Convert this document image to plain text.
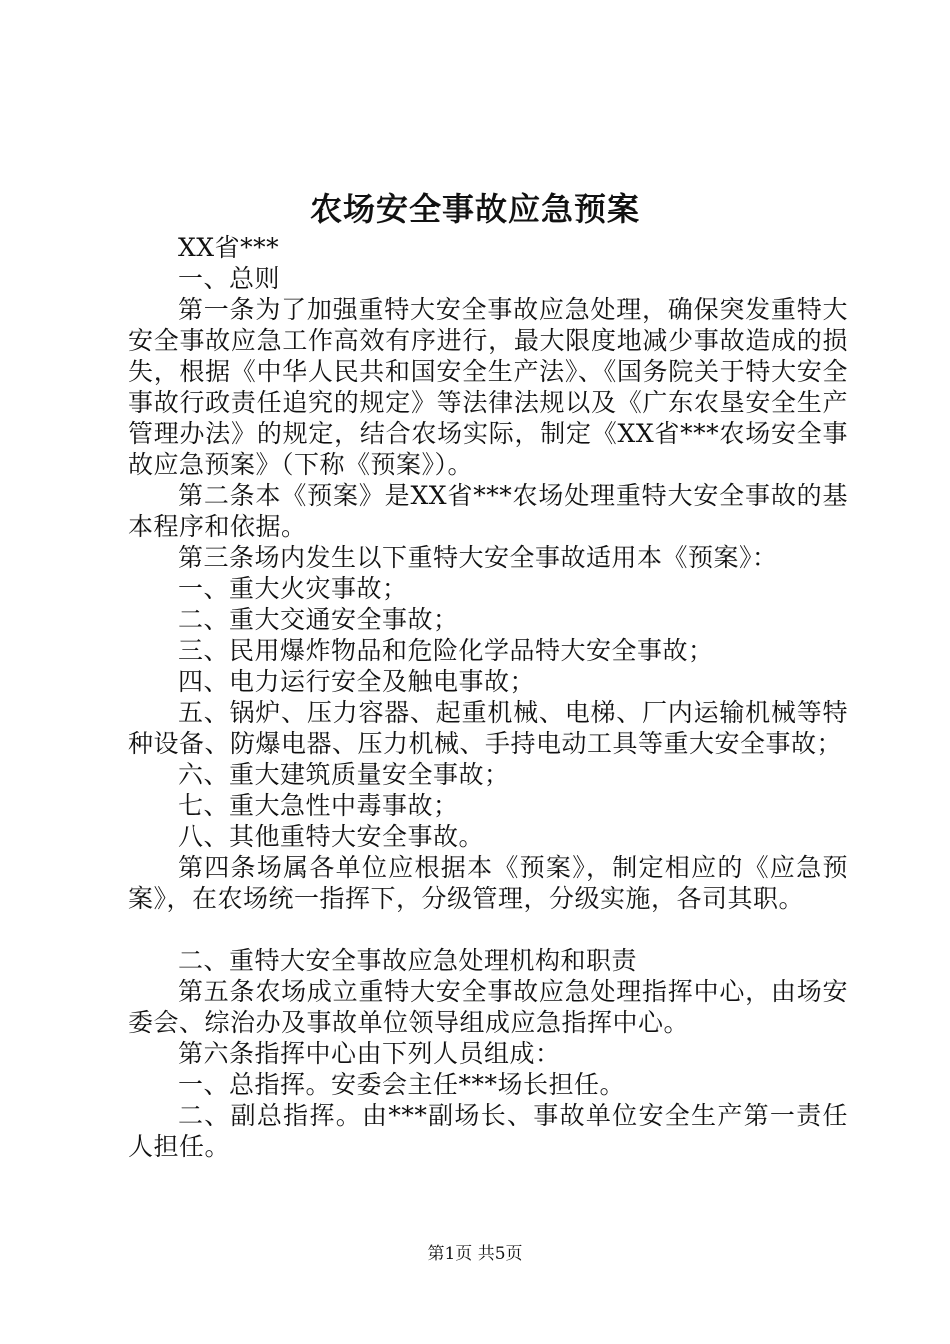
农场安全事故应急预案

XX省***

一、总则

第一条为了加强重特大安全事故应急处理，确保突发重特大安全事故应急工作高效有序进行，最大限度地减少事故造成的损失，根据《中华人民共和国安全生产法》、《国务院关于特大安全事故行政责任追究的规定》等法律法规以及《广东农垦安全生产管理办法》的规定，结合农场实际，制定《XX省***农场安全事故应急预案》（下称《预案》）。

第二条本《预案》是XX省***农场处理重特大安全事故的基本程序和依据。

第三条场内发生以下重特大安全事故适用本《预案》：

一、重大火灾事故；

二、重大交通安全事故；

三、民用爆炸物品和危险化学品特大安全事故；

四、电力运行安全及触电事故；

五、锅炉、压力容器、起重机械、电梯、厂内运输机械等特种设备、防爆电器、压力机械、手持电动工具等重大安全事故；

六、重大建筑质量安全事故；

七、重大急性中毒事故；

八、其他重特大安全事故。

第四条场属各单位应根据本《预案》，制定相应的《应急预案》，在农场统一指挥下，分级管理，分级实施，各司其职。

二、重特大安全事故应急处理机构和职责

第五条农场成立重特大安全事故应急处理指挥中心，由场安委会、综治办及事故单位领导组成应急指挥中心。

第六条指挥中心由下列人员组成：

一、总指挥。安委会主任***场长担任。

二、副总指挥。由***副场长、事故单位安全生产第一责任人担任。

第1页 共5页
